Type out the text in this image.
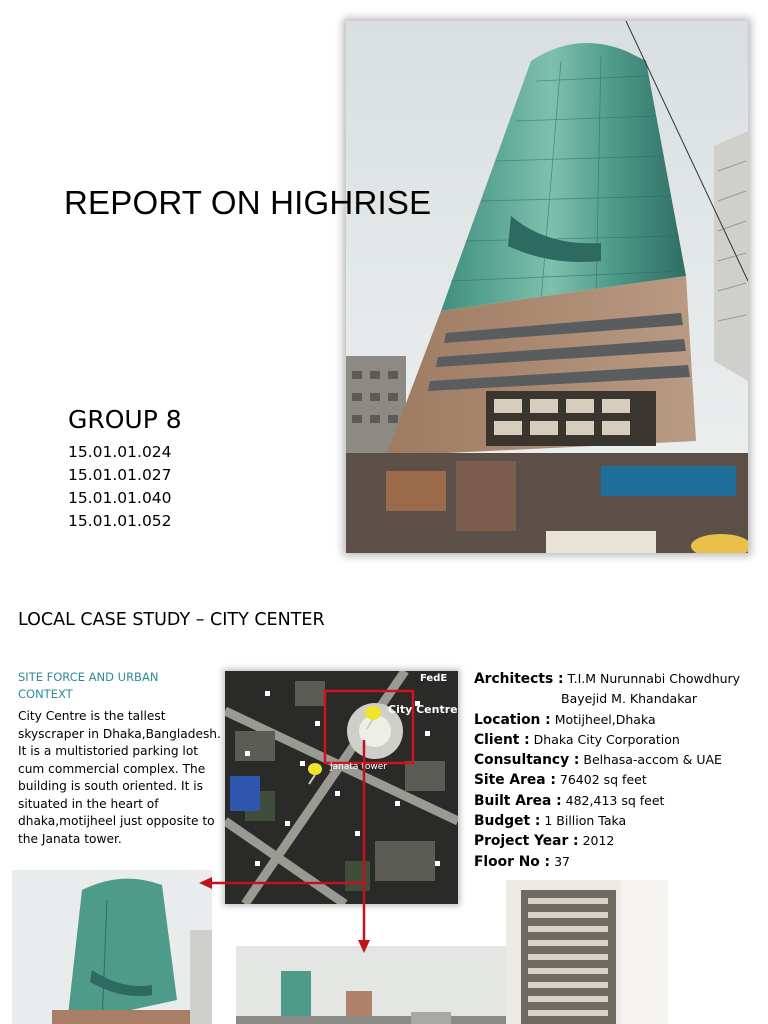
REPORT ON HIGHRISE
GROUP 8
15.01.01.024
15.01.01.027
15.01.01.040
15.01.01.052
LOCAL CASE STUDY – CITY CENTER
SITE FORCE AND URBAN CONTEXT
City Centre is the tallest skyscraper in Dhaka,Bangladesh. It is a multistoried parking lot cum commercial complex. The building is south oriented. It is situated in the heart of dhaka,motijheel just opposite to the Janata tower.
City Centre
Janata tower
FedE Architects : T.I.M Nurunnabi Chowdhury
Bayejid M. Khandakar
Location : Motijheel,Dhaka
Client : Dhaka City Corporation
Consultancy : Belhasa-accom & UAE
Site Area : 76402 sq feet
Built Area : 482,413 sq feet
Budget : 1 Billion Taka
Project Year : 2012
Floor No : 37
